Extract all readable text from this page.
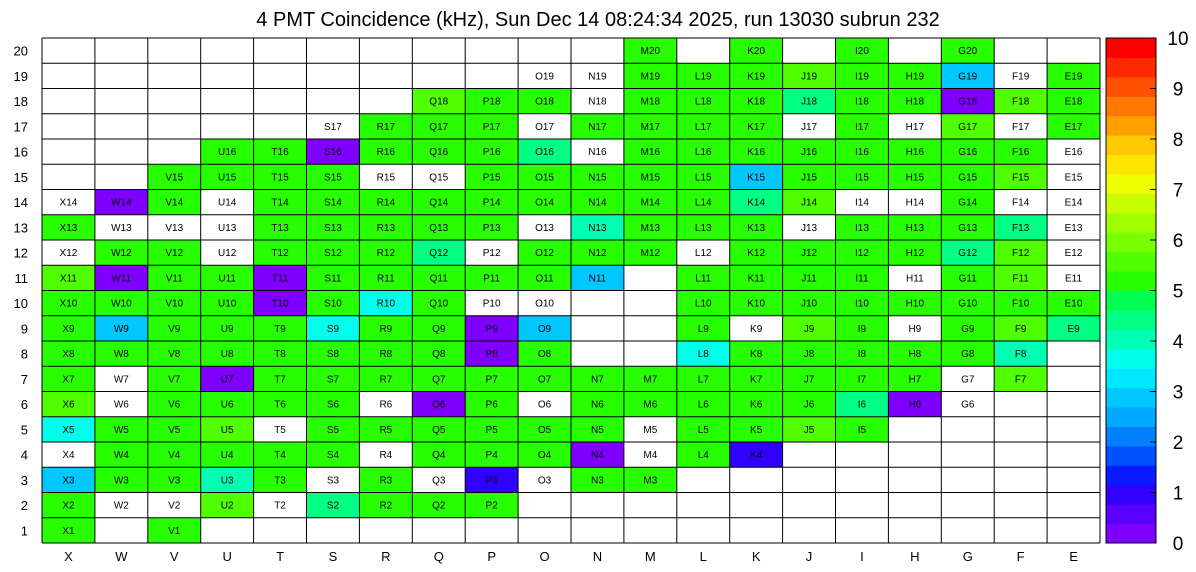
4 PMT Coincidence (kHz), Sun Dec 14 08:24:34 2025, run 13030 subrun 232
X1	V1
X2	W2	V2	U2	T2	S2	R2	Q2	P2
X3	W3	V3	U3	T3	S3	R3	Q3	P3	O3	N3	M3
X4	W4	V4	U4	T4	S4	R4	Q4	P4	O4	N4	M4	L4	K4
X5	W5	V5	U5	T5	S5	R5	Q5	P5	O5	N5	M5	L5	K5	J5	I5
X6	W6	V6	U6	T6	S6	R6	Q6	P6	O6	N6	M6	L6	K6	J6	I6	H6	G6
X7	W7	V7	U7	T7	S7	R7	Q7	P7	O7	N7	M7	L7	K7	J7	I7	H7	G7	F7
X8	W8	V8	U8	T8	S8	R8	Q8	P8	O8	L8	K8	J8	I8	H8	G8	F8
X9	W9	V9	U9	T9	S9	R9	Q9	P9	O9	L9	K9	J9	I9	H9	G9	F9	E9
X10	W10	V10	U10	T10	S10	R10	Q10	P10	O10	L10	K10	J10	I10	H10	G10	F10	E10
X11	W11	V11	U11	T11	S11	R11	Q11	P11	O11	N11	L11	K11	J11	I11	H11	G11	F11	E11
X12	W12	V12	U12	T12	S12	R12	Q12	P12	O12	N12	M12	L12	K12	J12	I12	H12	G12	F12	E12
X13	W13	V13	U13	T13	S13	R13	Q13	P13	O13	N13	M13	L13	K13	J13	I13	H13	G13	F13	E13
X14	W14	V14	U14	T14	S14	R14	Q14	P14	O14	N14	M14	L14	K14	J14	I14	H14	G14	F14	E14
V15	U15	T15	S15	R15	Q15	P15	O15	N15	M15	L15	K15	J15	I15	H15	G15	F15	E15
U16	T16	S16	R16	Q16	P16	O16	N16	M16	L16	K16	J16	I16	H16	G16	F16	E16
S17	R17	Q17	P17	O17	N17	M17	L17	K17	J17	I17	H17	G17	F17	E17
Q18	P18	O18	N18	M18	L18	K18	J18	I18	H18	G18	F18	E18
O19	N19	M19	L19	K19	J19	I19	H19	G19	F19	E19
M20	K20	I20	G20
X	W	V	U	T	S	R	Q	P	O	N	M	L	K	J	I	H	G	F	E
1
2
3
4
5
6
7
8
9
10
11
12
13
14
15
16
17
18
19
20
0
1
2
3
4
5
6
7
8
9
10
